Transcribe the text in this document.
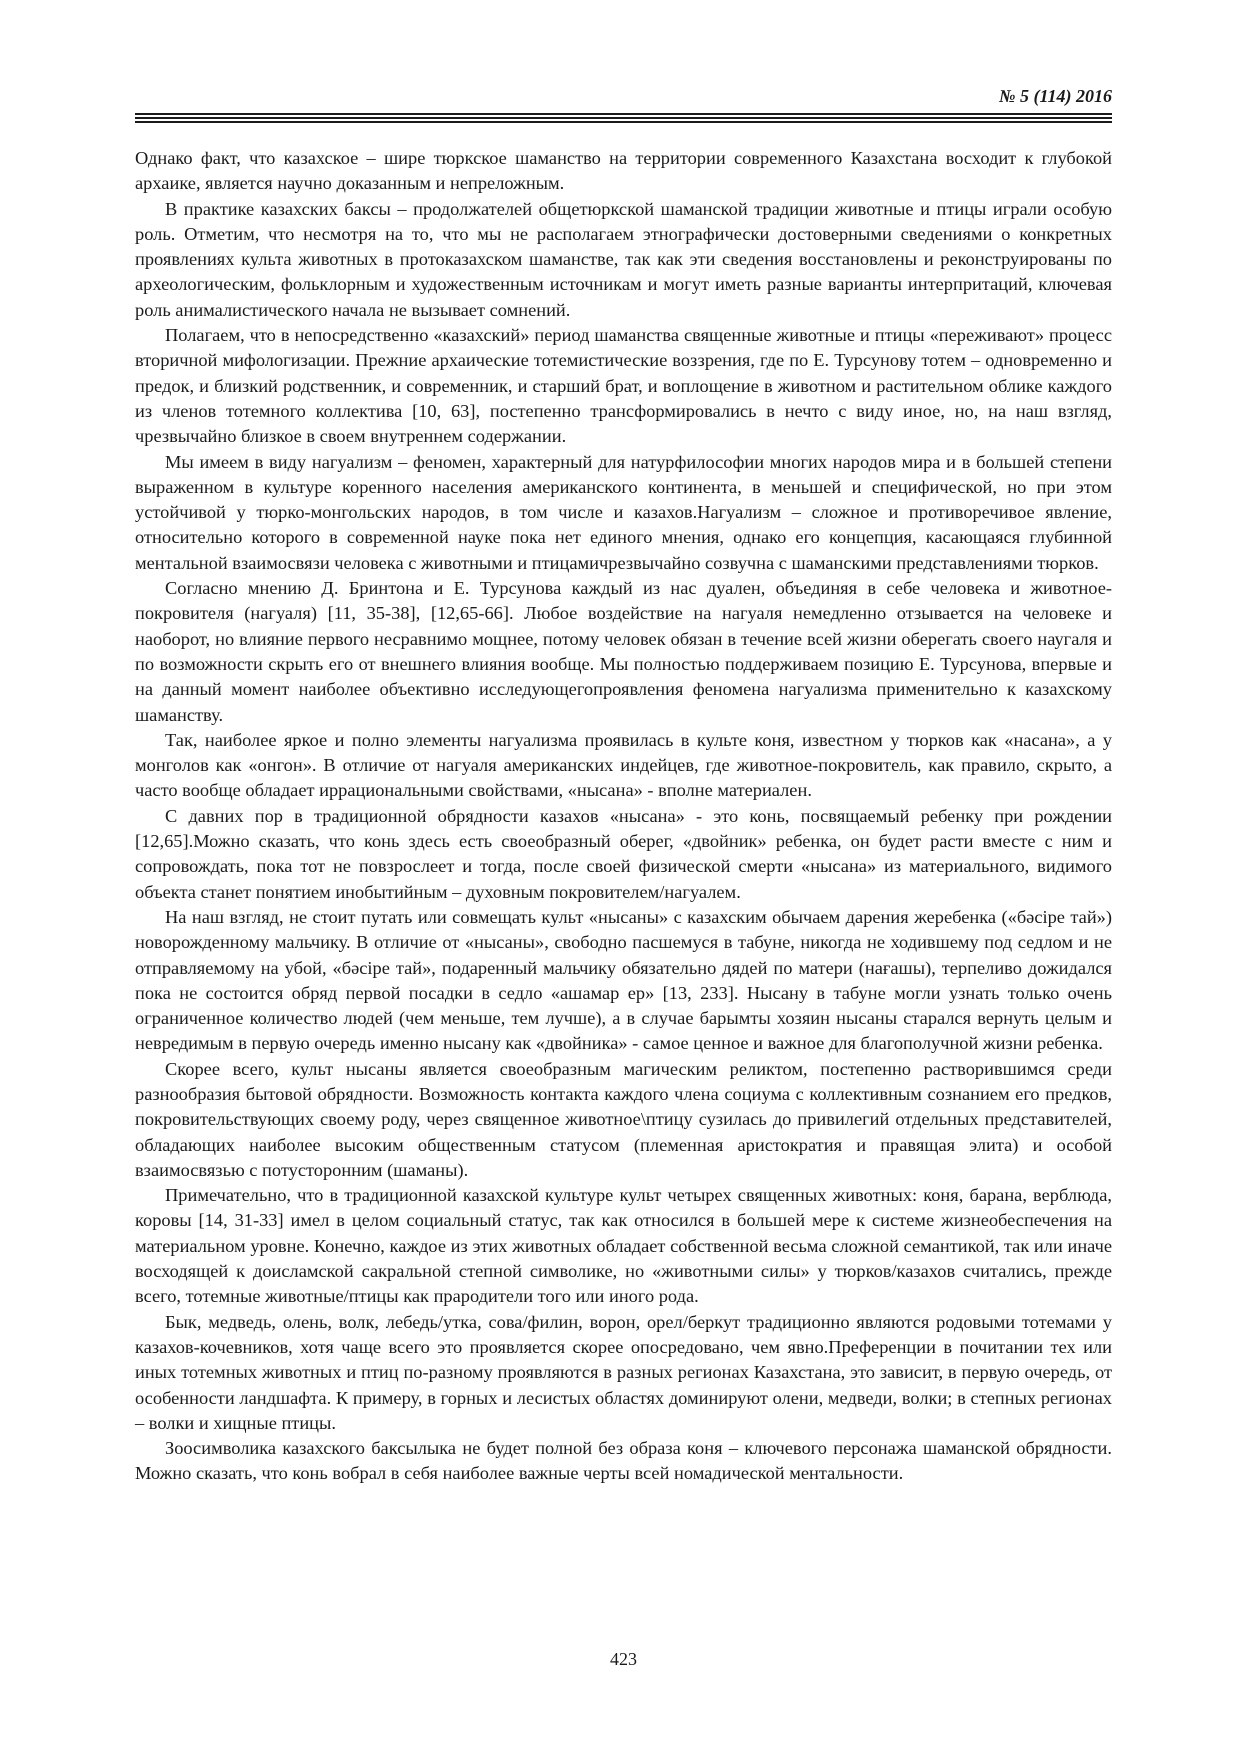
№ 5 (114) 2016

Однако факт, что казахское – шире тюркское шаманство на территории современного Казахстана восходит к глубокой архаике, является научно доказанным и непреложным.

В практике казахских баксы – продолжателей общетюркской шаманской традиции животные и птицы играли особую роль. Отметим, что несмотря на то, что мы не располагаем этнографически достоверными сведениями о конкретных проявлениях культа животных в протоказахском шаманстве, так как эти сведения восстановлены и реконструированы по археологическим, фольклорным и художественным источникам и могут иметь разные варианты интерпритаций, ключевая роль анималистического начала не вызывает сомнений.

Полагаем, что в непосредственно «казахский» период шаманства священные животные и птицы «переживают» процесс вторичной мифологизации. Прежние архаические тотемистические воззрения, где по Е. Турсунову тотем – одновременно и предок, и близкий родственник, и современник, и старший брат, и воплощение в животном и растительном облике каждого из членов тотемного коллектива [10, 63], постепенно трансформировались в нечто с виду иное, но, на наш взгляд, чрезвычайно близкое в своем внутреннем содержании.

Мы имеем в виду нагуализм – феномен, характерный для натурфилософии многих народов мира и в большей степени выраженном в культуре коренного населения американского континента, в меньшей и специфической, но при этом устойчивой у тюрко-монгольских народов, в том числе и казахов.Нагуализм – сложное и противоречивое явление, относительно которого в современной науке пока нет единого мнения, однако его концепция, касающаяся глубинной ментальной взаимосвязи человека с животными и птицамичрезвычайно созвучна с шаманскими представлениями тюрков.

Согласно мнению Д. Бринтона и Е. Турсунова каждый из нас дуален, объединяя в себе человека и животное-покровителя (нагуаля) [11, 35-38], [12,65-66]. Любое воздействие на нагуаля немедленно отзывается на человеке и наоборот, но влияние первого несравнимо мощнее, потому человек обязан в течение всей жизни оберегать своего наугаля и по возможности скрыть его от внешнего влияния вообще. Мы полностью поддерживаем позицию Е. Турсунова, впервые и на данный момент наиболее объективно исследующегопроявления феномена нагуализма применительно к казахскому шаманству.

Так, наиболее яркое и полно элементы нагуализма проявилась в культе коня, известном у тюрков как «насана», а у монголов как «онгон». В отличие от нагуаля американских индейцев, где животное-покровитель, как правило, скрыто, а часто вообще обладает иррациональными свойствами, «нысана» - вполне материален.

С давних пор в традиционной обрядности казахов «нысана» - это конь, посвящаемый ребенку при рождении [12,65].Можно сказать, что конь здесь есть своеобразный оберег, «двойник» ребенка, он будет расти вместе с ним и сопровождать, пока тот не повзрослеет и тогда, после своей физической смерти «нысана» из материального, видимого объекта станет понятием инобытийным – духовным покровителем/нагуалем.

На наш взгляд, не стоит путать или совмещать культ «нысаны» с казахским обычаем дарения жеребенка («бәсіре тай») новорожденному мальчику. В отличие от «нысаны», свободно пасшемуся в табуне, никогда не ходившему под седлом и не отправляемому на убой, «бәсіре тай», подаренный мальчику обязательно дядей по матери (нағашы), терпеливо дожидался пока не состоится обряд первой посадки в седло «ашамар ер» [13, 233]. Нысану в табуне могли узнать только очень ограниченное количество людей (чем меньше, тем лучше), а в случае барымты хозяин нысаны старался вернуть целым и невредимым в первую очередь именно нысану как «двойника» - самое ценное и важное для благополучной жизни ребенка.

Скорее всего, культ нысаны является своеобразным магическим реликтом, постепенно растворившимся среди разнообразия бытовой обрядности. Возможность контакта каждого члена социума с коллективным сознанием его предков, покровительствующих своему роду, через священное животное\птицу сузилась до привилегий отдельных представителей, обладающих наиболее высоким общественным статусом (племенная аристократия и правящая элита) и особой взаимосвязью с потусторонним (шаманы).

Примечательно, что в традиционной казахской культуре культ четырех священных животных: коня, барана, верблюда, коровы [14, 31-33] имел в целом социальный статус, так как относился в большей мере к системе жизнеобеспечения на материальном уровне. Конечно, каждое из этих животных обладает собственной весьма сложной семантикой, так или иначе восходящей к доисламской сакральной степной символике, но «животными силы» у тюрков/казахов считались, прежде всего, тотемные животные/птицы как прародители того или иного рода.

Бык, медведь, олень, волк, лебедь/утка, сова/филин, ворон, орел/беркут традиционно являются родовыми тотемами у казахов-кочевников, хотя чаще всего это проявляется скорее опосредовано, чем явно.Преференции в почитании тех или иных тотемных животных и птиц по-разному проявляются в разных регионах Казахстана, это зависит, в первую очередь, от особенности ландшафта. К примеру, в горных и лесистых областях доминируют олени, медведи, волки; в степных регионах – волки и хищные птицы.

Зоосимволика казахского баксылыка не будет полной без образа коня – ключевого персонажа шаманской обрядности. Можно сказать, что конь вобрал в себя наиболее важные черты всей номадической ментальности.

423
